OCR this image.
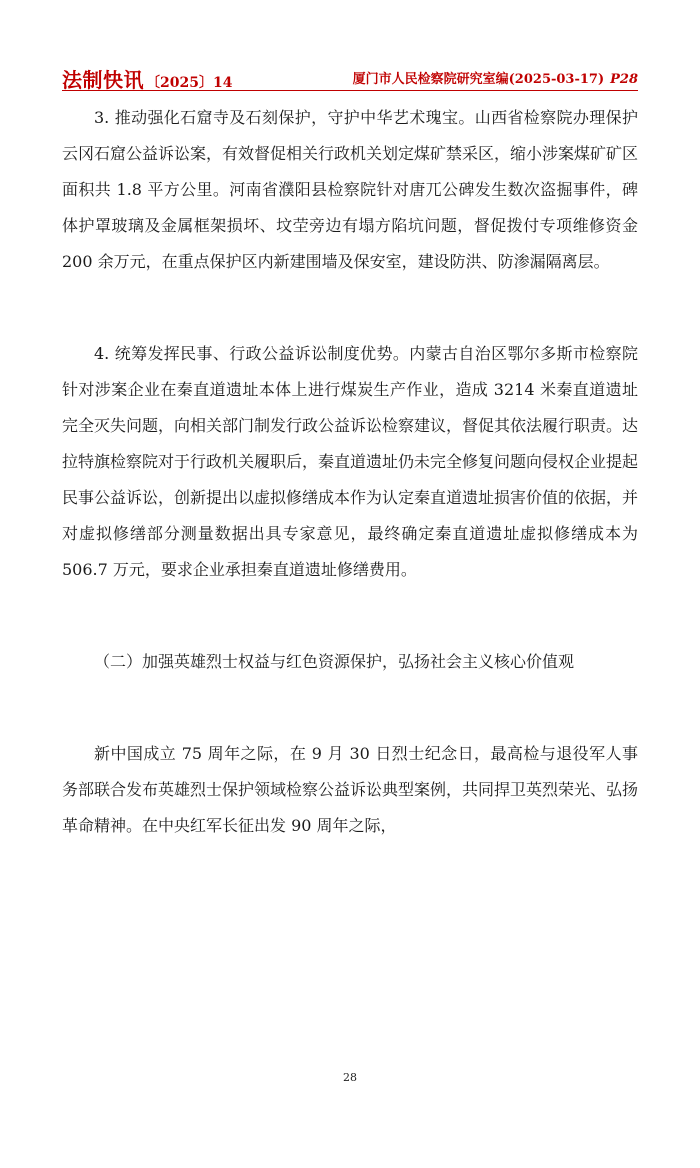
法制快讯 〔2025〕14	厦门市人民检察院研究室编(2025-03-17) P28

3. 推动强化石窟寺及石刻保护，守护中华艺术瑰宝。山西省检察院办理保护云冈石窟公益诉讼案，有效督促相关行政机关划定煤矿禁采区，缩小涉案煤矿矿区面积共 1.8 平方公里。河南省濮阳县检察院针对唐兀公碑发生数次盗掘事件，碑体护罩玻璃及金属框架损坏、坟茔旁边有塌方陷坑问题，督促拨付专项维修资金 200 余万元，在重点保护区内新建围墙及保安室，建设防洪、防渗漏隔离层。

4. 统筹发挥民事、行政公益诉讼制度优势。内蒙古自治区鄂尔多斯市检察院针对涉案企业在秦直道遗址本体上进行煤炭生产作业，造成 3214 米秦直道遗址完全灭失问题，向相关部门制发行政公益诉讼检察建议，督促其依法履行职责。达拉特旗检察院对于行政机关履职后，秦直道遗址仍未完全修复问题向侵权企业提起民事公益诉讼，创新提出以虚拟修缮成本作为认定秦直道遗址损害价值的依据，并对虚拟修缮部分测量数据出具专家意见，最终确定秦直道遗址虚拟修缮成本为 506.7 万元，要求企业承担秦直道遗址修缮费用。

（二）加强英雄烈士权益与红色资源保护，弘扬社会主义核心价值观

新中国成立 75 周年之际，在 9 月 30 日烈士纪念日，最高检与退役军人事务部联合发布英雄烈士保护领域检察公益诉讼典型案例，共同捍卫英烈荣光、弘扬革命精神。在中央红军长征出发 90 周年之际，

28
